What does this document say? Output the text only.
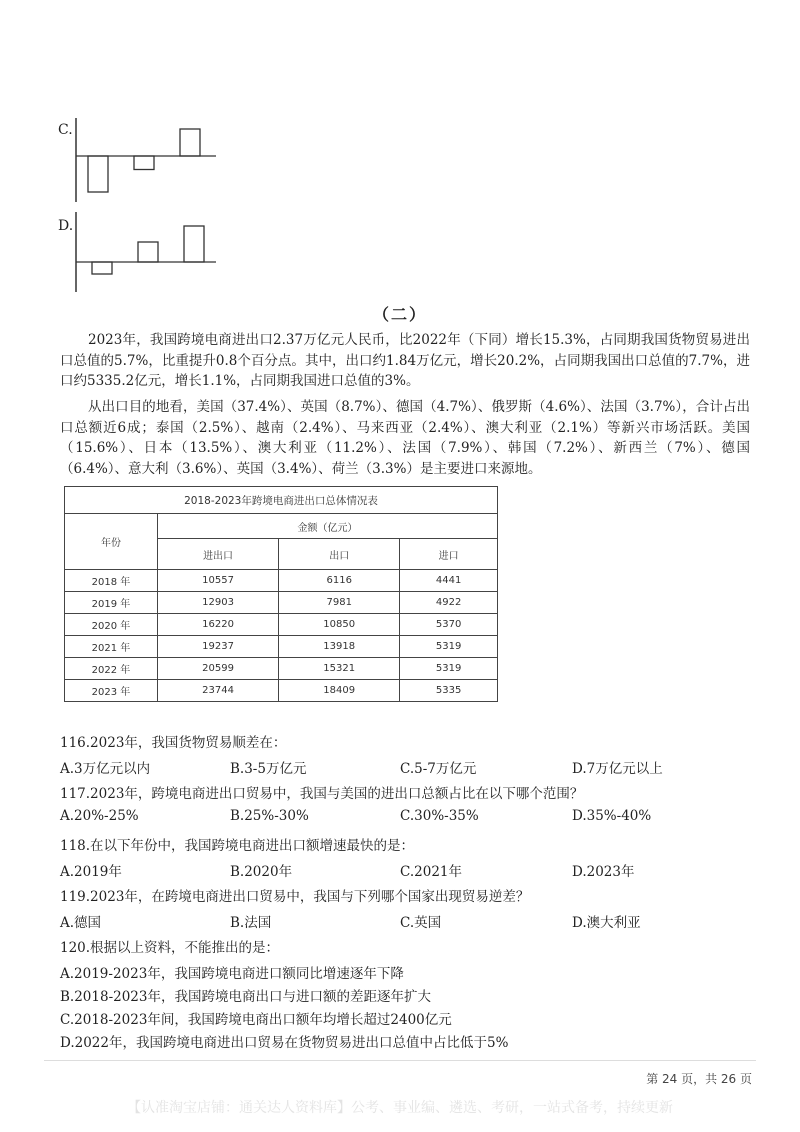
C.
D.
（二）

2023年，我国跨境电商进出口2.37万亿元人民币，比2022年（下同）增长15.3%，占同期我国货物贸易进出口总值的5.7%，比重提升0.8个百分点。其中，出口约1.84万亿元，增长20.2%，占同期我国出口总值的7.7%，进口约5335.2亿元，增长1.1%，占同期我国进口总值的3%。

从出口目的地看，美国（37.4%）、英国（8.7%）、德国（4.7%）、俄罗斯（4.6%）、法国（3.7%），合计占出口总额近6成；泰国（2.5%）、越南（2.4%）、马来西亚（2.4%）、澳大利亚（2.1%）等新兴市场活跃。美国（15.6%）、日本（13.5%）、澳大利亚（11.2%）、法国（7.9%）、韩国（7.2%）、新西兰（7%）、德国（6.4%）、意大利（3.6%）、英国（3.4%）、荷兰（3.3%）是主要进口来源地。

2018-2023年跨境电商进出口总体情况表			
年份	金额（亿元）		
	进出口	出口	进口
2018 年	10557	6116	4441
2019 年	12903	7981	4922
2020 年	16220	10850	5370
2021 年	19237	13918	5319
2022 年	20599	15321	5319
2023 年	23744	18409	5335
116.2023年，我国货物贸易顺差在：
A.3万亿元以内	B.3-5万亿元	C.5-7万亿元	D.7万亿元以上
117.2023年，跨境电商进出口贸易中，我国与美国的进出口总额占比在以下哪个范围？
A.20%-25%	B.25%-30%	C.30%-35%	D.35%-40%
118.在以下年份中，我国跨境电商进出口额增速最快的是：
A.2019年	B.2020年	C.2021年	D.2023年
119.2023年，在跨境电商进出口贸易中，我国与下列哪个国家出现贸易逆差？
A.德国	B.法国	C.英国	D.澳大利亚
120.根据以上资料，不能推出的是：
A.2019-2023年，我国跨境电商进口额同比增速逐年下降
B.2018-2023年，我国跨境电商出口与进口额的差距逐年扩大
C.2018-2023年间，我国跨境电商出口额年均增长超过2400亿元
D.2022年，我国跨境电商进出口贸易在货物贸易进出口总值中占比低于5%
第 24 页，共 26 页
【认准淘宝店铺：通关达人资料库】公考、事业编、遴选、考研，一站式备考，持续更新
